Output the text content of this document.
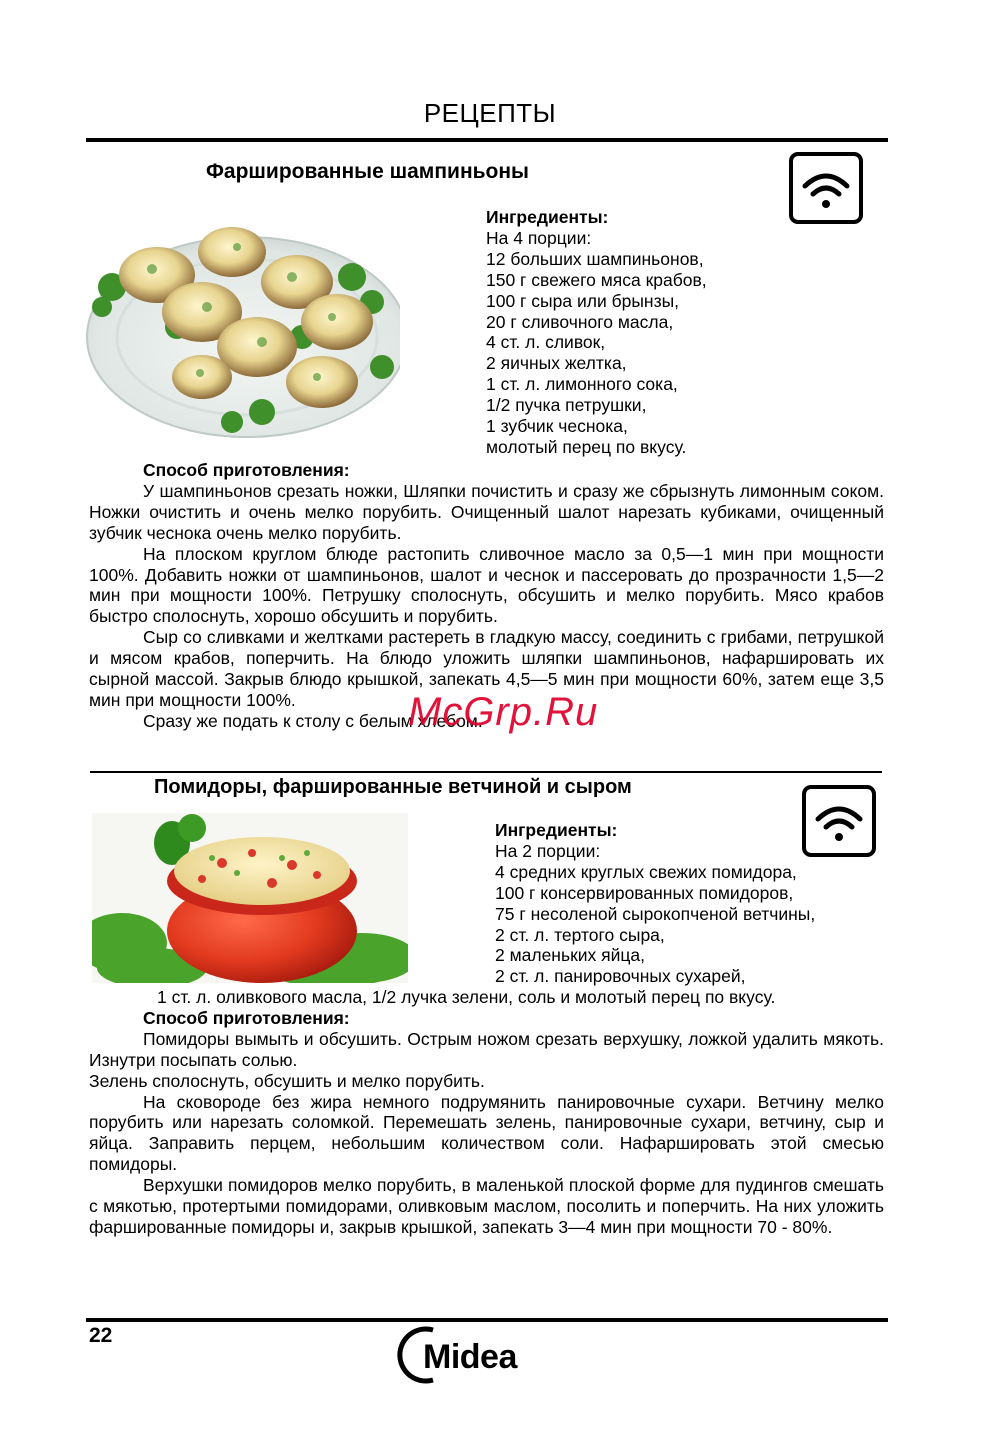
РЕЦЕПТЫ
Фаршированные шампиньоны
Ингредиенты:
На 4 порции:
12 больших шампиньонов,
150 г свежего мяса крабов,
100 г сыра или брынзы,
20 г сливочного масла,
4 ст. л. сливок,
2 яичных желтка,
1 ст. л. лимонного сока,
1/2 пучка петрушки,
1 зубчик чеснока,
молотый перец по вкусу.

Способ приготовления:

У шампиньонов срезать ножки, Шляпки почистить и сразу же сбрызнуть лимонным соком. Ножки очистить и очень мелко порубить. Очищенный шалот нарезать кубиками, очищенный зубчик чеснока очень мелко порубить.

На плоском круглом блюде растопить сливочное масло за 0,5—1 мин при мощности 100%. Добавить ножки от шампиньонов, шалот и чеснок и пассеровать до прозрачности 1,5—2 мин при мощности 100%. Петрушку сполоснуть, обсушить и мелко порубить. Мясо крабов быстро сполоснуть, хорошо обсушить и порубить.

Сыр со сливками и желтками растереть в гладкую массу, соединить с грибами, петрушкой и мясом крабов, поперчить. На блюдо уложить шляпки шампиньонов, нафаршировать их сырной массой. Закрыв блюдо крышкой, запекать 4,5—5 мин при мощности 60%, затем еще 3,5 мин при мощности 100%.

Сразу же подать к столу с белым хлебом.

McGrp.Ru
Помидоры, фаршированные ветчиной и сыром
Ингредиенты:
На 2 порции:
4 средних круглых свежих помидора,
100 г консервированных помидоров,
75 г несоленой сырокопченой ветчины,
2 ст. л. тертого сыра,
2 маленьких яйца,
2 ст. л. панировочных сухарей,

1 ст. л. оливкового масла, 1/2 лучка зелени, соль и молотый перец по вкусу.

Способ приготовления:

Помидоры вымыть и обсушить. Острым ножом срезать верхушку, ложкой удалить мякоть. Изнутри посыпать солью.

Зелень сполоснуть, обсушить и мелко порубить.

На сковороде без жира немного подрумянить панировочные сухари. Ветчину мелко порубить или нарезать соломкой. Перемешать зелень, панировочные сухари, ветчину, сыр и яйца. Заправить перцем, небольшим количеством соли. Нафаршировать этой смесью помидоры.

Верхушки помидоров мелко порубить, в маленькой плоской форме для пудингов смешать с мякотью, протертыми помидорами, оливковым маслом, посолить и поперчить. На них уложить фаршированные помидоры и, закрыв крышкой, запекать 3—4 мин при мощности 70 - 80%.

22
Midea
